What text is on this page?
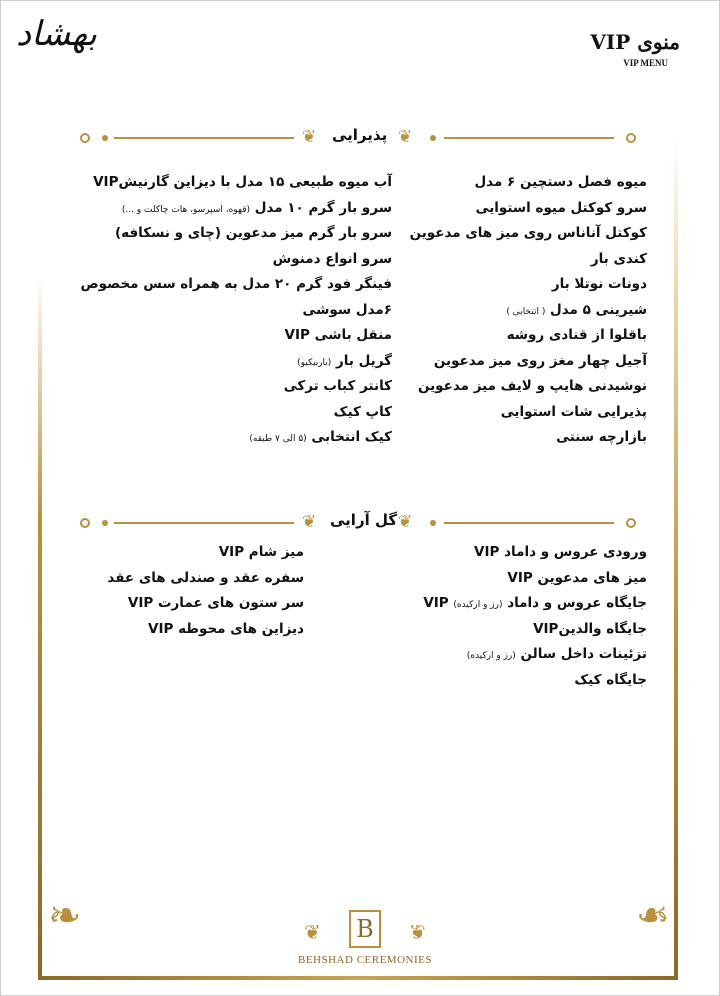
بهشاد	منوی VIP
VIP MENU
❦ پذیرایی ❦
میوه فصل دستچین ۶ مدل
سرو کوکتل میوه استوایی
کوکتل آناناس روی میز های مدعوین
کندی بار
دونات نوتلا بار
شیرینی ۵ مدل ( انتخابی )
باقلوا از قنادی روشه
آجیل چهار مغز روی میز مدعوین
نوشیدنی هایپ و لایف میز مدعوین
پذیرایی شات استوایی
بازارچه سنتی
آب میوه طبیعی ۱۵ مدل با دیزاین گارنیشVIP
سرو بار گرم ۱۰ مدل (قهوه، اسپرسو، هات چاکلت و ...)
سرو بار گرم میز مدعوین (چای و نسکافه)
سرو انواع دمنوش
فینگر فود گرم ۲۰ مدل به همراه سس مخصوص
۶مدل سوشی
منقل باشی VIP
گریل بار (باربیکیو)
کانتر کباب ترکی
کاپ کیک
کیک انتخابی (۵ الی ۷ طبقه)
❦ گل آرایی ❦
ورودی عروس و داماد VIP
میز های مدعوین VIP
جایگاه عروس و داماد (رز و ارکیده) VIP
جایگاه والدینVIP
تزئینات داخل سالن (رز و ارکیده)
جایگاه کیک
میز شام VIP
سفره عقد و صندلی های عقد
سر ستون های عمارت VIP
دیزاین های محوطه VIP
❧	❧
❦ B ❦
BEHSHAD CEREMONIES
